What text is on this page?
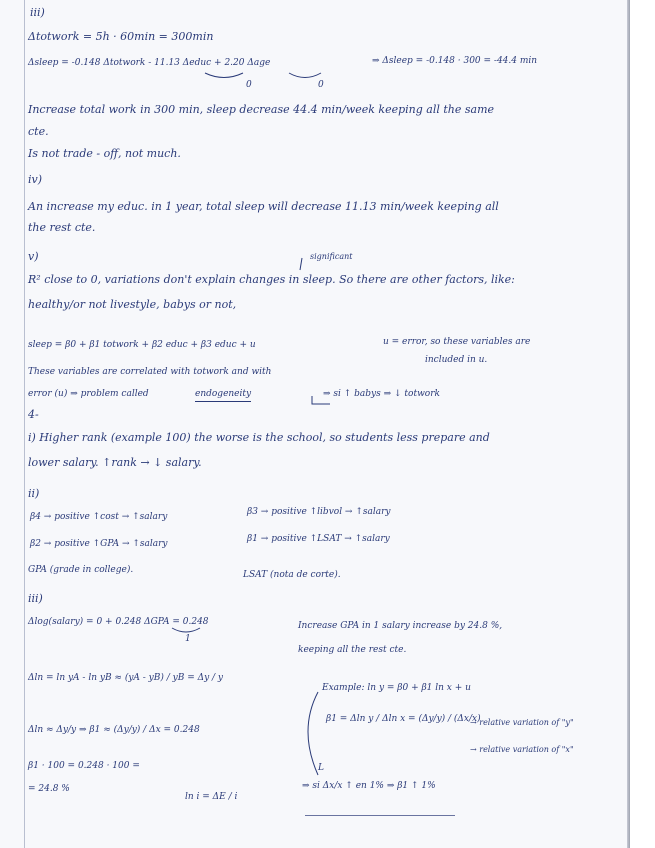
iii)
Δtotwork = 5h · 60min = 300min
Δsleep = -0.148 Δtotwork - 11.13 Δeduc + 2.20 Δage	⇒ Δsleep = -0.148 · 300 = -44.4 min
0	0
Increase total work in 300 min, sleep decrease 44.4 min/week keeping all the same
cte.
Is not trade - off, not much.
iv)
An increase my educ. in 1 year, total sleep will decrease 11.13 min/week keeping all
the rest cte.
v)	significant
R² close to 0, variations don't explain changes in sleep. So there are other factors, like:
healthy/or not livestyle, babys or not,
sleep = β0 + β1 totwork + β2 educ + β3 educ + u	u = error, so these variables are
included in u.
These variables are correlated with totwork and with
error (u) ⇒ problem called	endogeneity	⇒ si ↑ babys ⇒ ↓ totwork
4-
i) Higher rank (example 100) the worse is the school, so students less prepare and
lower salary. ↑rank → ↓ salary.
ii)
β4 → positive ↑cost → ↑salary	β3 → positive ↑libvol → ↑salary
β2 → positive ↑GPA → ↑salary	β1 → positive ↑LSAT → ↑salary
GPA (grade in college).	LSAT (nota de corte).
iii)
Δlog(salary) = 0 + 0.248 ΔGPA = 0.248
1
Increase GPA in 1 salary increase by 24.8 %,
keeping all the rest cte.
Δln = ln yA - ln yB ≈ (yA - yB) / yB = Δy / y
Example: ln y = β0 + β1 ln x + u
β1 = Δln y / Δln x = (Δy/y) / (Δx/x)
→ relative variation of "y"
Δln ≈ Δy/y ⇒ β1 ≈ (Δy/y) / Δx = 0.248
→ relative variation of "x"
β1 · 100 = 0.248 · 100 =
ln i = ΔE / i
= 24.8 %	⇒ si Δx/x ↑ en 1% ⇒ β1 ↑ 1%
L
